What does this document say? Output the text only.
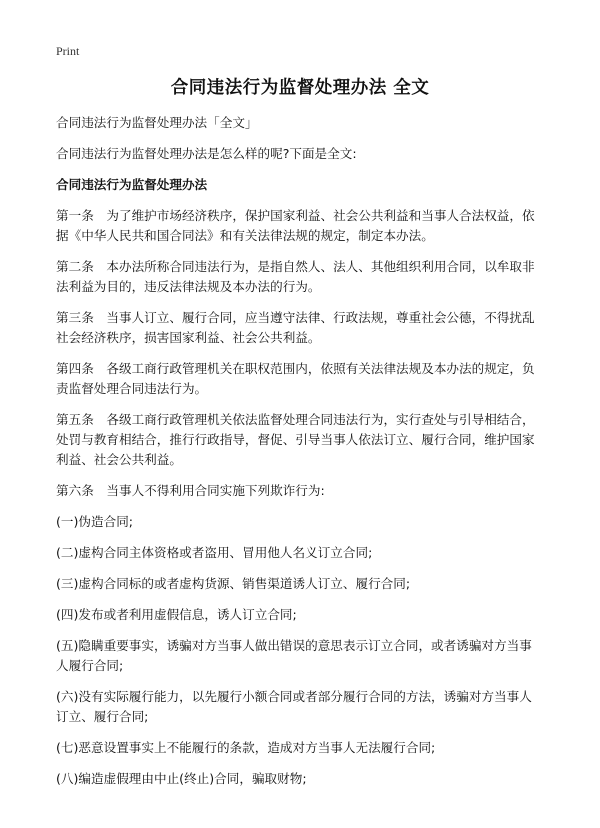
Print

合同违法行为监督处理办法 全文

合同违法行为监督处理办法「全文」

合同违法行为监督处理办法是怎么样的呢?下面是全文:

合同违法行为监督处理办法

第一条　为了维护市场经济秩序，保护国家利益、社会公共利益和当事人合法权益，依据《中华人民共和国合同法》和有关法律法规的规定，制定本办法。

第二条　本办法所称合同违法行为，是指自然人、法人、其他组织利用合同，以牟取非法利益为目的，违反法律法规及本办法的行为。

第三条　当事人订立、履行合同，应当遵守法律、行政法规，尊重社会公德，不得扰乱社会经济秩序，损害国家利益、社会公共利益。

第四条　各级工商行政管理机关在职权范围内，依照有关法律法规及本办法的规定，负责监督处理合同违法行为。

第五条　各级工商行政管理机关依法监督处理合同违法行为，实行查处与引导相结合，处罚与教育相结合，推行行政指导，督促、引导当事人依法订立、履行合同，维护国家利益、社会公共利益。

第六条　当事人不得利用合同实施下列欺诈行为:

(一)伪造合同;

(二)虚构合同主体资格或者盗用、冒用他人名义订立合同;

(三)虚构合同标的或者虚构货源、销售渠道诱人订立、履行合同;

(四)发布或者利用虚假信息，诱人订立合同;

(五)隐瞒重要事实，诱骗对方当事人做出错误的意思表示订立合同，或者诱骗对方当事人履行合同;

(六)没有实际履行能力，以先履行小额合同或者部分履行合同的方法，诱骗对方当事人订立、履行合同;

(七)恶意设置事实上不能履行的条款，造成对方当事人无法履行合同;

(八)编造虚假理由中止(终止)合同，骗取财物;
